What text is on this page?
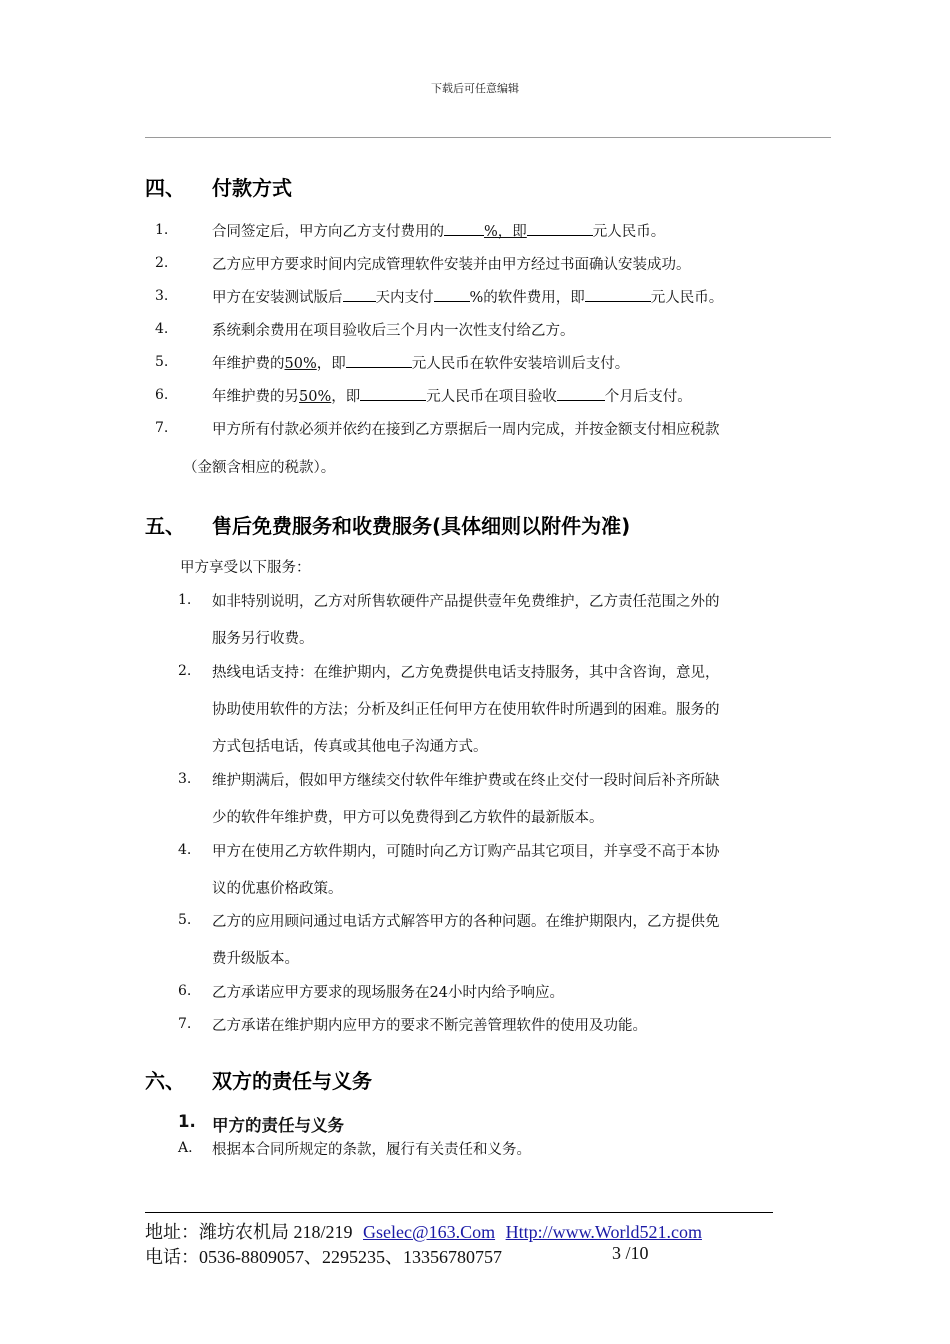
下载后可任意编辑
四、 付款方式
1.	合同签定后，甲方向乙方支付费用的	%，即	元人民币。
2.	乙方应甲方要求时间内完成管理软件安装并由甲方经过书面确认安装成功。
3.	甲方在安装测试版后 天内支付 %的软件费用，即	元人民币。
4.	系统剩余费用在项目验收后三个月内一次性支付给乙方。
5.	年维护费的50%，即	元人民币在软件安装培训后支付。
6.	年维护费的另50%，即	元人民币在项目验收	个月后支付。
7.	甲方所有付款必须并依约在接到乙方票据后一周内完成，并按金额支付相应税款
（金额含相应的税款）。
五、 售后免费服务和收费服务(具体细则以附件为准)
甲方享受以下服务：
1. 如非特别说明，乙方对所售软硬件产品提供壹年免费维护，乙方责任范围之外的
服务另行收费。
2. 热线电话支持：在维护期内，乙方免费提供电话支持服务，其中含咨询，意见，
协助使用软件的方法；分析及纠正任何甲方在使用软件时所遇到的困难。服务的
方式包括电话，传真或其他电子沟通方式。
3. 维护期满后，假如甲方继续交付软件年维护费或在终止交付一段时间后补齐所缺
少的软件年维护费，甲方可以免费得到乙方软件的最新版本。
4. 甲方在使用乙方软件期内，可随时向乙方订购产品其它项目，并享受不高于本协
议的优惠价格政策。
5. 乙方的应用顾问通过电话方式解答甲方的各种问题。在维护期限内，乙方提供免
费升级版本。
6. 乙方承诺应甲方要求的现场服务在24小时内给予响应。
7. 乙方承诺在维护期内应甲方的要求不断完善管理软件的使用及功能。
六、 双方的责任与义务
1. 甲方的责任与义务
A. 根据本合同所规定的条款，履行有关责任和义务。
地址：潍坊农机局 218/219 Gselec@163.Com Http://www.World521.com
电话：0536-8809057、2295235、13356780757	3 /10
